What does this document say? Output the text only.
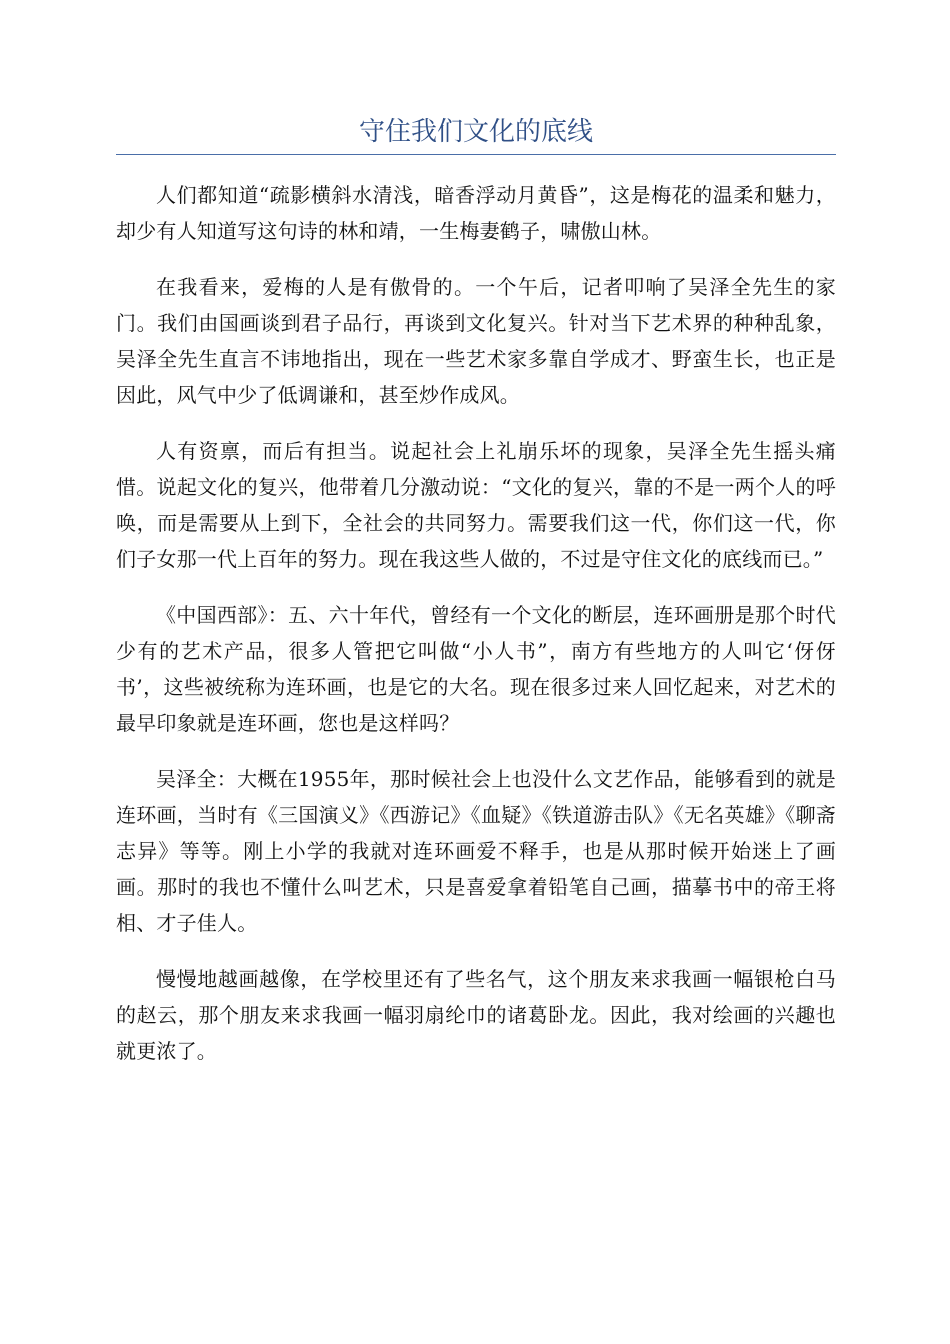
守住我们文化的底线

人们都知道“疏影横斜水清浅，暗香浮动月黄昏”，这是梅花的温柔和魅力，却少有人知道写这句诗的林和靖，一生梅妻鹤子，啸傲山林。

在我看来，爱梅的人是有傲骨的。一个午后，记者叩响了吴泽全先生的家门。我们由国画谈到君子品行，再谈到文化复兴。针对当下艺术界的种种乱象，吴泽全先生直言不讳地指出，现在一些艺术家多靠自学成才、野蛮生长，也正是因此，风气中少了低调谦和，甚至炒作成风。

人有资禀，而后有担当。说起社会上礼崩乐坏的现象，吴泽全先生摇头痛惜。说起文化的复兴，他带着几分激动说：“文化的复兴，靠的不是一两个人的呼唤，而是需要从上到下，全社会的共同努力。需要我们这一代，你们这一代，你们子女那一代上百年的努力。现在我这些人做的，不过是守住文化的底线而已。”

《中国西部》：五、六十年代，曾经有一个文化的断层，连环画册是那个时代少有的艺术产品，很多人管把它叫做“小人书”，南方有些地方的人叫它‘伢伢书’，这些被统称为连环画，也是它的大名。现在很多过来人回忆起来，对艺术的最早印象就是连环画，您也是这样吗？

吴泽全：大概在1955年，那时候社会上也没什么文艺作品，能够看到的就是连环画，当时有《三国演义》《西游记》《血疑》《铁道游击队》《无名英雄》《聊斋志异》等等。刚上小学的我就对连环画爱不释手，也是从那时候开始迷上了画画。那时的我也不懂什么叫艺术，只是喜爱拿着铅笔自己画，描摹书中的帝王将相、才子佳人。

慢慢地越画越像，在学校里还有了些名气，这个朋友来求我画一幅银枪白马的赵云，那个朋友来求我画一幅羽扇纶巾的诸葛卧龙。因此，我对绘画的兴趣也就更浓了。
